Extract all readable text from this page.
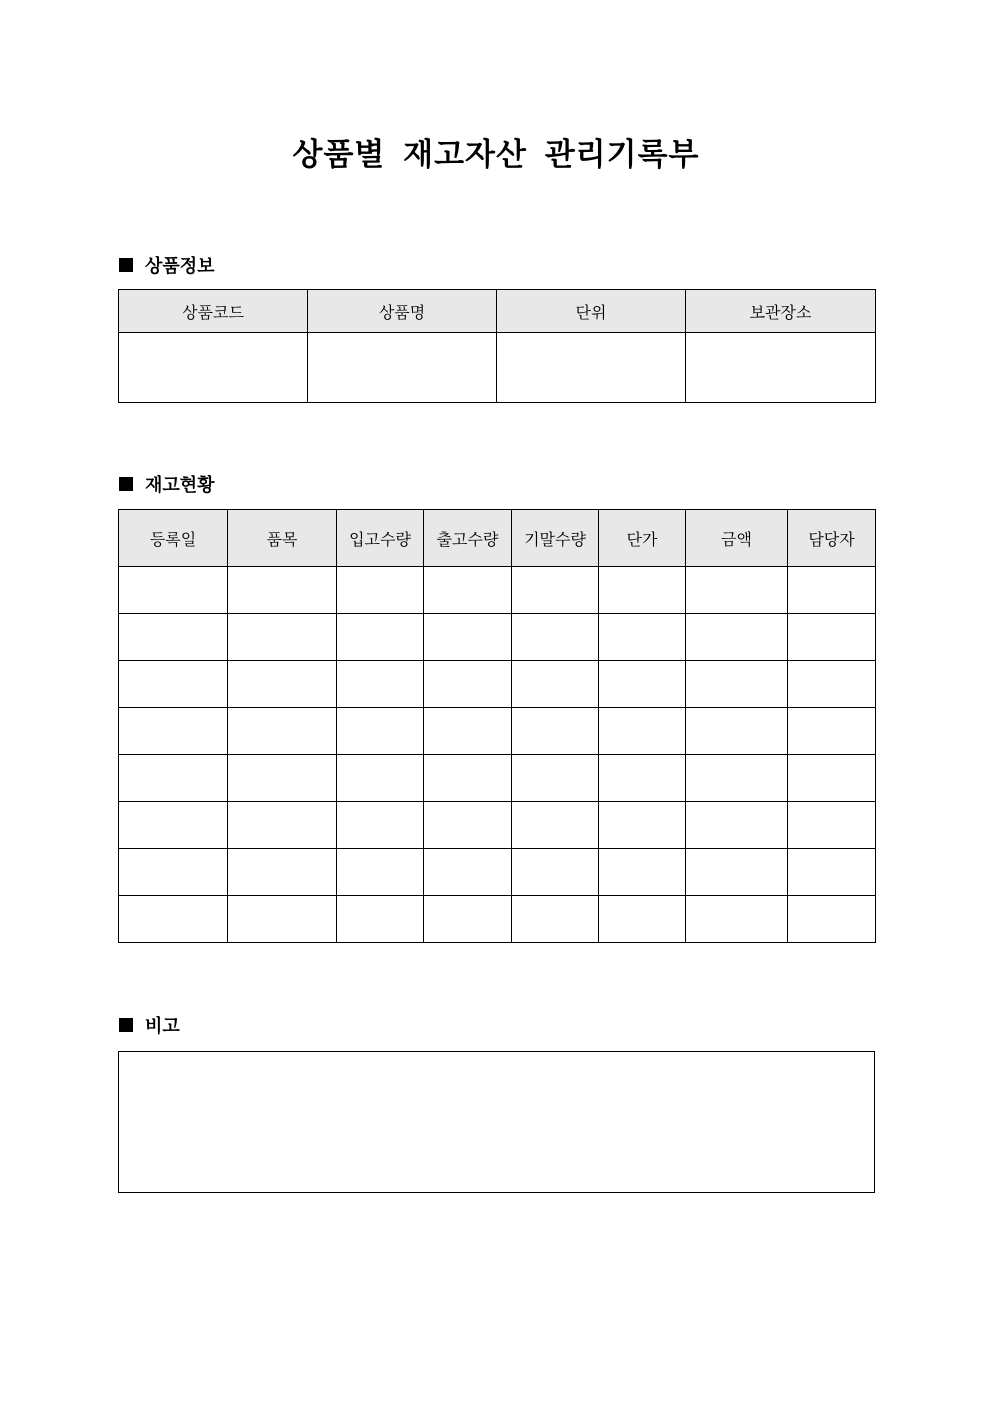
상품별 재고자산 관리기록부
상품정보
상품코드	상품명	단위	보관장소

재고현황
등록일	품목	입고수량	출고수량	기말수량	단가	금액	담당자

비고
